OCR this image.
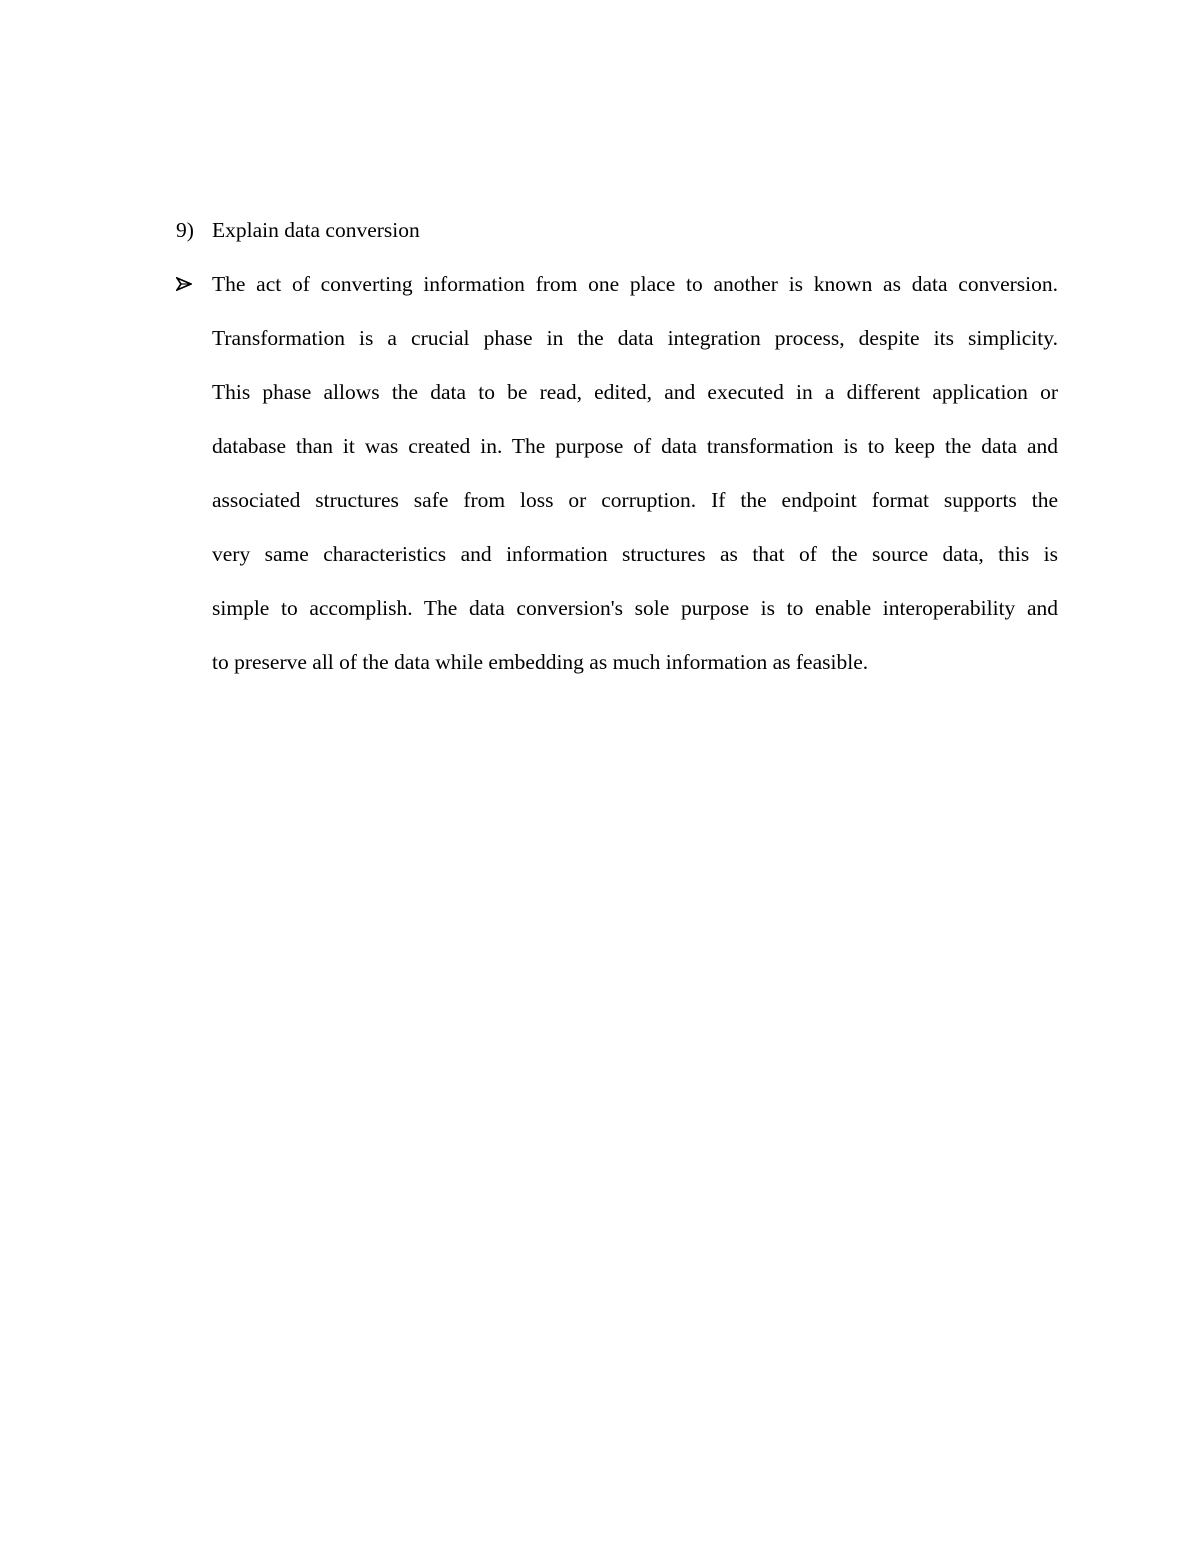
9) Explain data conversion
The act of converting information from one place to another is known as data conversion.
Transformation is a crucial phase in the data integration process, despite its simplicity.
This phase allows the data to be read, edited, and executed in a different application or
database than it was created in. The purpose of data transformation is to keep the data and
associated structures safe from loss or corruption. If the endpoint format supports the
very same characteristics and information structures as that of the source data, this is
simple to accomplish. The data conversion's sole purpose is to enable interoperability and
to preserve all of the data while embedding as much information as feasible.
